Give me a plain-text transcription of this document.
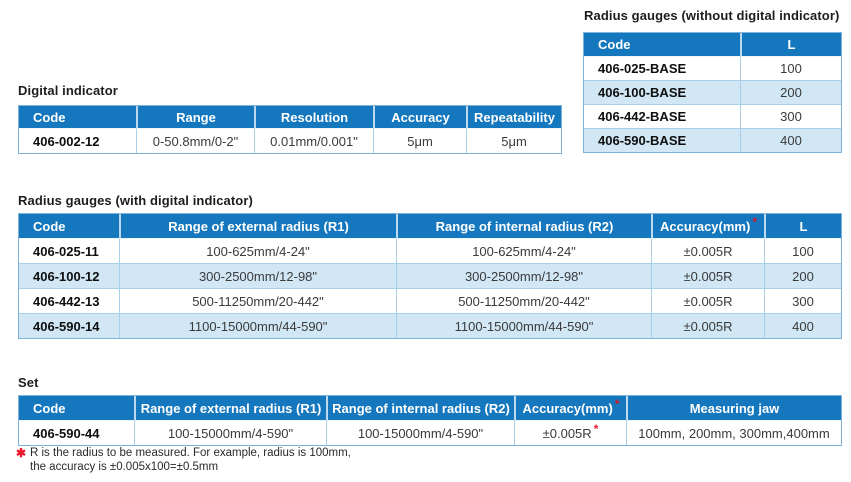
Radius gauges (without digital indicator)
Code	L
406-025-BASE	100
406-100-BASE	200
406-442-BASE	300
406-590-BASE	400
Digital indicator
Code	Range	Resolution	Accuracy	Repeatability
406-002-12	0-50.8mm/0-2"	0.01mm/0.001"	5μm	5μm
Radius gauges (with digital indicator)
Code	Range of external radius (R1)	Range of internal radius (R2)	Accuracy(mm) *	L
406-025-11	100-625mm/4-24"	100-625mm/4-24"	±0.005R	100
406-100-12	300-2500mm/12-98"	300-2500mm/12-98"	±0.005R	200
406-442-13	500-11250mm/20-442"	500-11250mm/20-442"	±0.005R	300
406-590-14	1100-15000mm/44-590"	1100-15000mm/44-590"	±0.005R	400
Set
Code	Range of external radius (R1)	Range of internal radius (R2)	Accuracy(mm) *	Measuring jaw
406-590-44	100-15000mm/4-590"	100-15000mm/4-590"	±0.005R *	100mm, 200mm, 300mm,400mm
✱ R is the radius to be measured. For example, radius is 100mm,
the accuracy is ±0.005x100=±0.5mm
